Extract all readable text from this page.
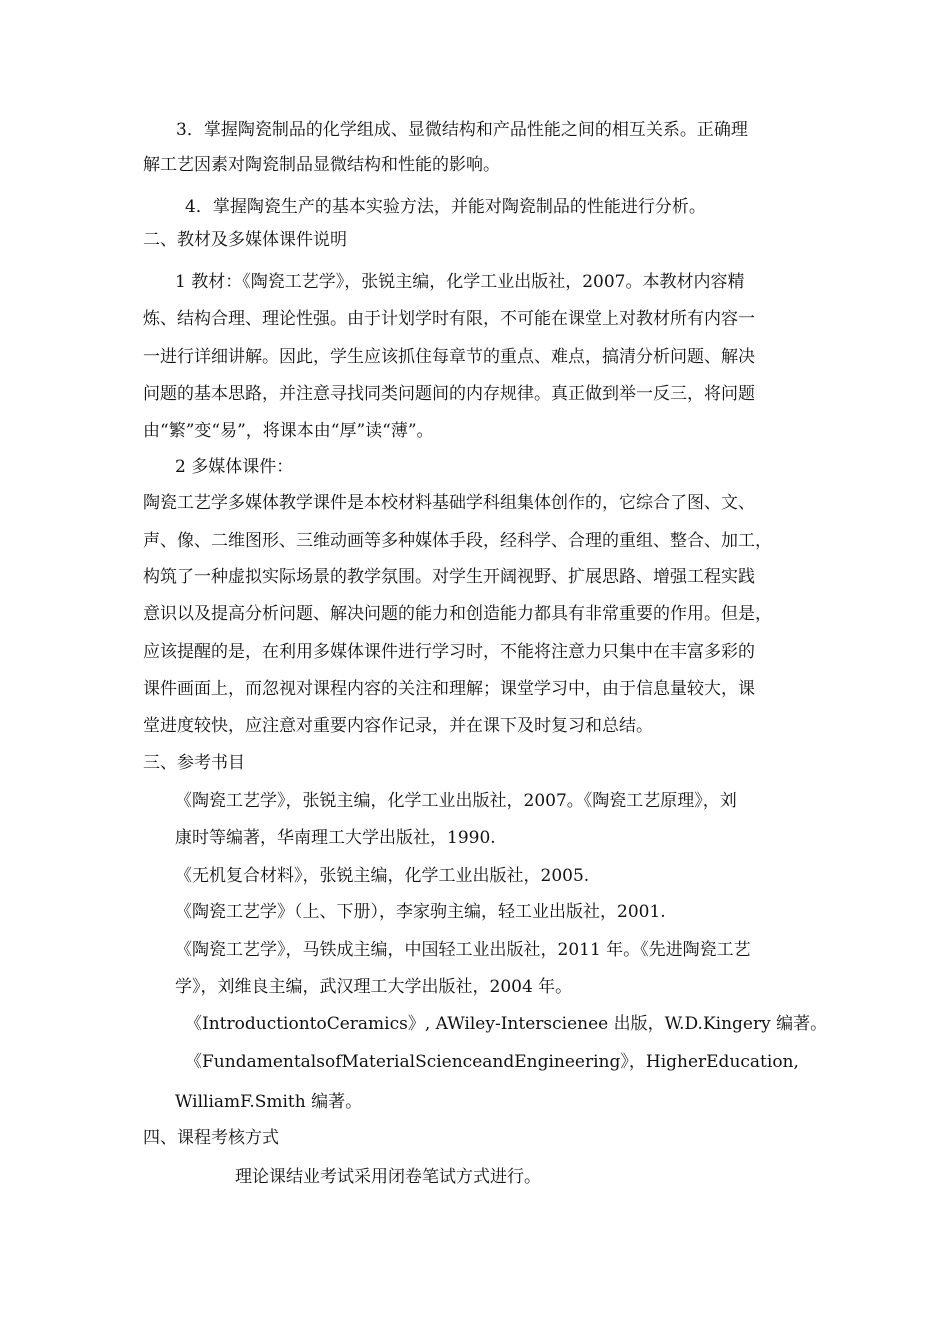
3．掌握陶瓷制品的化学组成、显微结构和产品性能之间的相互关系。正确理
解工艺因素对陶瓷制品显微结构和性能的影响。
4．掌握陶瓷生产的基本实验方法，并能对陶瓷制品的性能进行分析。
二、教材及多媒体课件说明
1 教材：《陶瓷工艺学》，张锐主编，化学工业出版社，2007。本教材内容精
炼、结构合理、理论性强。由于计划学时有限，不可能在课堂上对教材所有内容一
一进行详细讲解。因此，学生应该抓住每章节的重点、难点，搞清分析问题、解决
问题的基本思路，并注意寻找同类问题间的内存规律。真正做到举一反三，将问题
由“繁”变“易”，将课本由“厚”读“薄”。
2 多媒体课件：
陶瓷工艺学多媒体教学课件是本校材料基础学科组集体创作的，它综合了图、文、
声、像、二维图形、三维动画等多种媒体手段，经科学、合理的重组、整合、加工，
构筑了一种虚拟实际场景的教学氛围。对学生开阔视野、扩展思路、增强工程实践
意识以及提高分析问题、解决问题的能力和创造能力都具有非常重要的作用。但是，
应该提醒的是，在利用多媒体课件进行学习时，不能将注意力只集中在丰富多彩的
课件画面上，而忽视对课程内容的关注和理解；课堂学习中，由于信息量较大，课
堂进度较快，应注意对重要内容作记录，并在课下及时复习和总结。
三、参考书目
《陶瓷工艺学》，张锐主编，化学工业出版社，2007。《陶瓷工艺原理》，刘
康时等编著，华南理工大学出版社，1990.
《无机复合材料》，张锐主编，化学工业出版社，2005.
《陶瓷工艺学》（上、下册），李家驹主编，轻工业出版社，2001.
《陶瓷工艺学》，马铁成主编，中国轻工业出版社，2011 年。《先进陶瓷工艺
学》，刘维良主编，武汉理工大学出版社，2004 年。
《IntroductiontoCeramics》, AWiley-Interscienee 出版，W.D.Kingery 编著。
《FundamentalsofMaterialScienceandEngineering》，HigherEducation,
WilliamF.Smith 编著。
四、课程考核方式
理论课结业考试采用闭卷笔试方式进行。
